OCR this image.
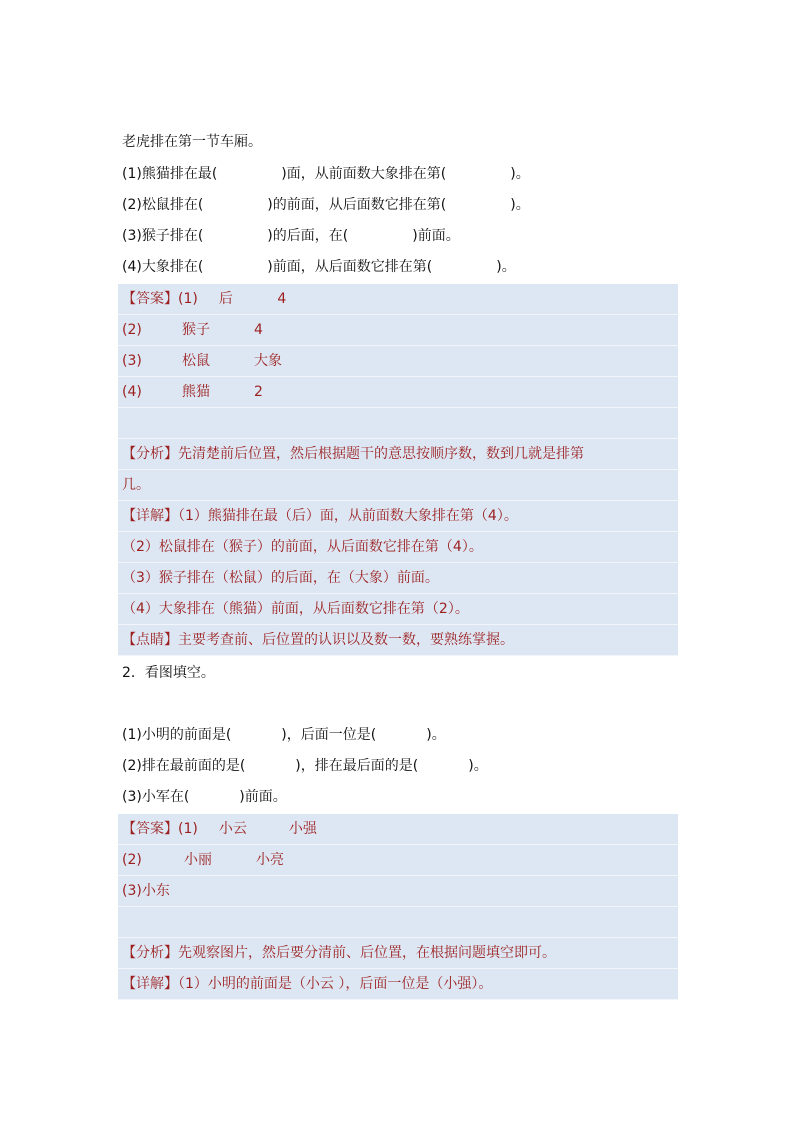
老虎排在第一节车厢。
(1)熊猫排在最(	)面，从前面数大象排在第(	)。
(2)松鼠排在(	)的前面，从后面数它排在第(	)。
(3)猴子排在(	)的后面，在(	)前面。
(4)大象排在(	)前面，从后面数它排在第(	)。
【答案】(1) 后	4
(2)	猴子	4
(3)	松鼠	大象
(4)	熊猫	2
【分析】先清楚前后位置，然后根据题干的意思按顺序数，数到几就是排第
几。
【详解】（1）熊猫排在最（后）面，从前面数大象排在第（4）。
（2）松鼠排在（猴子）的前面，从后面数它排在第（4）。
（3）猴子排在（松鼠）的后面，在（大象）前面。
（4）大象排在（熊猫）前面，从后面数它排在第（2）。
【点睛】主要考查前、后位置的认识以及数一数，要熟练掌握。
2．看图填空。
(1)小明的前面是(	)，后面一位是(	)。
(2)排在最前面的是(	)，排在最后面的是(	)。
(3)小军在(	)前面。
【答案】(1) 小云	小强
(2)	小丽	小亮
(3)小东
【分析】先观察图片，然后要分清前、后位置，在根据问题填空即可。
【详解】（1）小明的前面是（小云 ），后面一位是（小强）。
